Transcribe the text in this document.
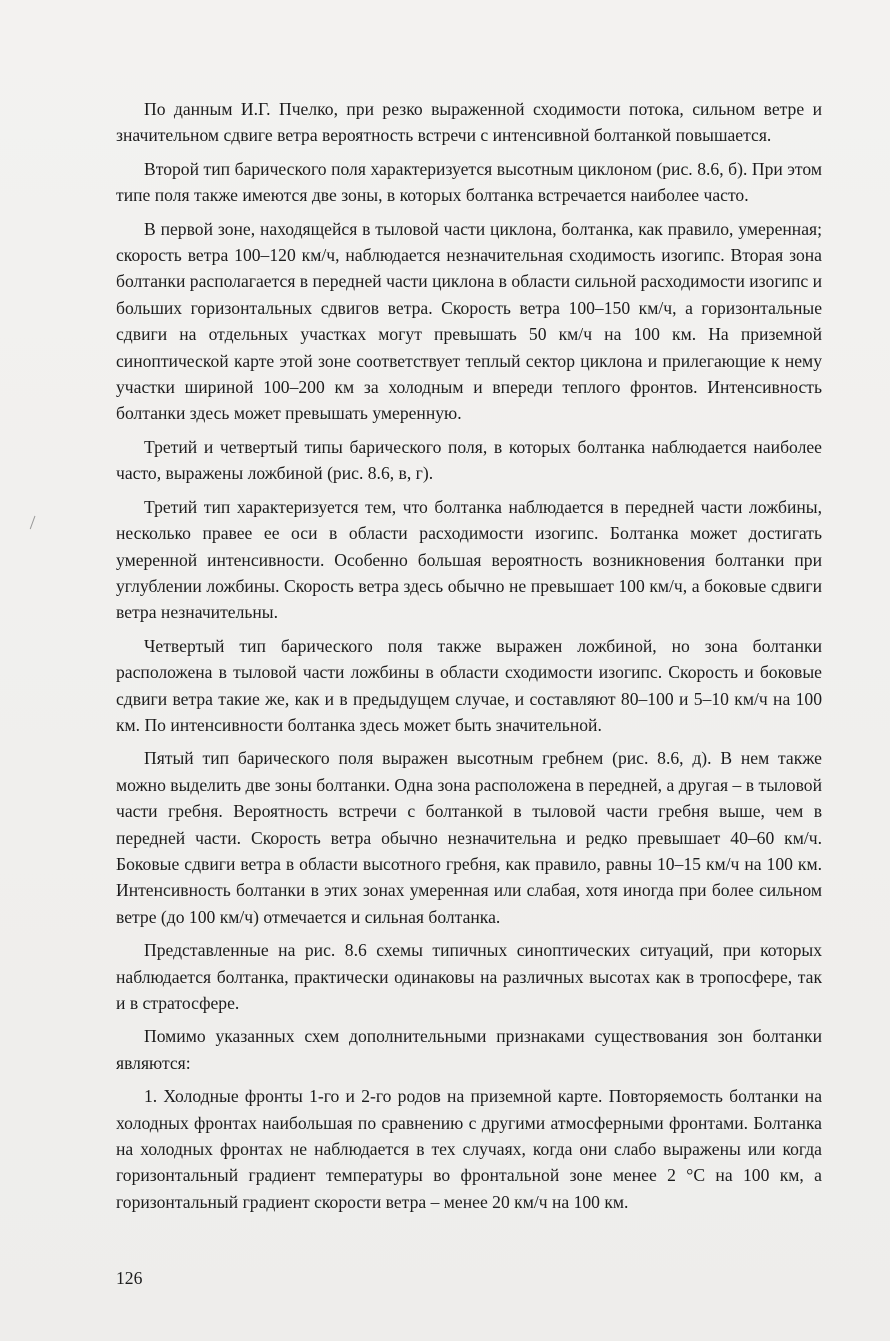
По данным И.Г. Пчелко, при резко выраженной сходимости потока, сильном ветре и значительном сдвиге ветра вероятность встречи с интенсивной болтанкой повышается.

Второй тип барического поля характеризуется высотным циклоном (рис. 8.6, б). При этом типе поля также имеются две зоны, в которых болтанка встречается наиболее часто.

В первой зоне, находящейся в тыловой части циклона, болтанка, как правило, умеренная; скорость ветра 100–120 км/ч, наблюдается незначительная сходимость изогипс. Вторая зона болтанки располагается в передней части циклона в области сильной расходимости изогипс и больших горизонтальных сдвигов ветра. Скорость ветра 100–150 км/ч, а горизонтальные сдвиги на отдельных участках могут превышать 50 км/ч на 100 км. На приземной синоптической карте этой зоне соответствует теплый сектор циклона и прилегающие к нему участки шириной 100–200 км за холодным и впереди теплого фронтов. Интенсивность болтанки здесь может превышать умеренную.

Третий и четвертый типы барического поля, в которых болтанка наблюдается наиболее часто, выражены ложбиной (рис. 8.6, в, г).

Третий тип характеризуется тем, что болтанка наблюдается в передней части ложбины, несколько правее ее оси в области расходимости изогипс. Болтанка может достигать умеренной интенсивности. Особенно большая вероятность возникновения болтанки при углублении ложбины. Скорость ветра здесь обычно не превышает 100 км/ч, а боковые сдвиги ветра незначительны.

Четвертый тип барического поля также выражен ложбиной, но зона болтанки расположена в тыловой части ложбины в области сходимости изогипс. Скорость и боковые сдвиги ветра такие же, как и в предыдущем случае, и составляют 80–100 и 5–10 км/ч на 100 км. По интенсивности болтанка здесь может быть значительной.

Пятый тип барического поля выражен высотным гребнем (рис. 8.6, д). В нем также можно выделить две зоны болтанки. Одна зона расположена в передней, а другая – в тыловой части гребня. Вероятность встречи с болтанкой в тыловой части гребня выше, чем в передней части. Скорость ветра обычно незначительна и редко превышает 40–60 км/ч. Боковые сдвиги ветра в области высотного гребня, как правило, равны 10–15 км/ч на 100 км. Интенсивность болтанки в этих зонах умеренная или слабая, хотя иногда при более сильном ветре (до 100 км/ч) отмечается и сильная болтанка.

Представленные на рис. 8.6 схемы типичных синоптических ситуаций, при которых наблюдается болтанка, практически одинаковы на различных высотах как в тропосфере, так и в стратосфере.

Помимо указанных схем дополнительными признаками существования зон болтанки являются:

1. Холодные фронты 1-го и 2-го родов на приземной карте. Повторяемость болтанки на холодных фронтах наибольшая по сравнению с другими атмосферными фронтами. Болтанка на холодных фронтах не наблюдается в тех случаях, когда они слабо выражены или когда горизонтальный градиент температуры во фронтальной зоне менее 2 °С на 100 км, а горизонтальный градиент скорости ветра – менее 20 км/ч на 100 км.

126
